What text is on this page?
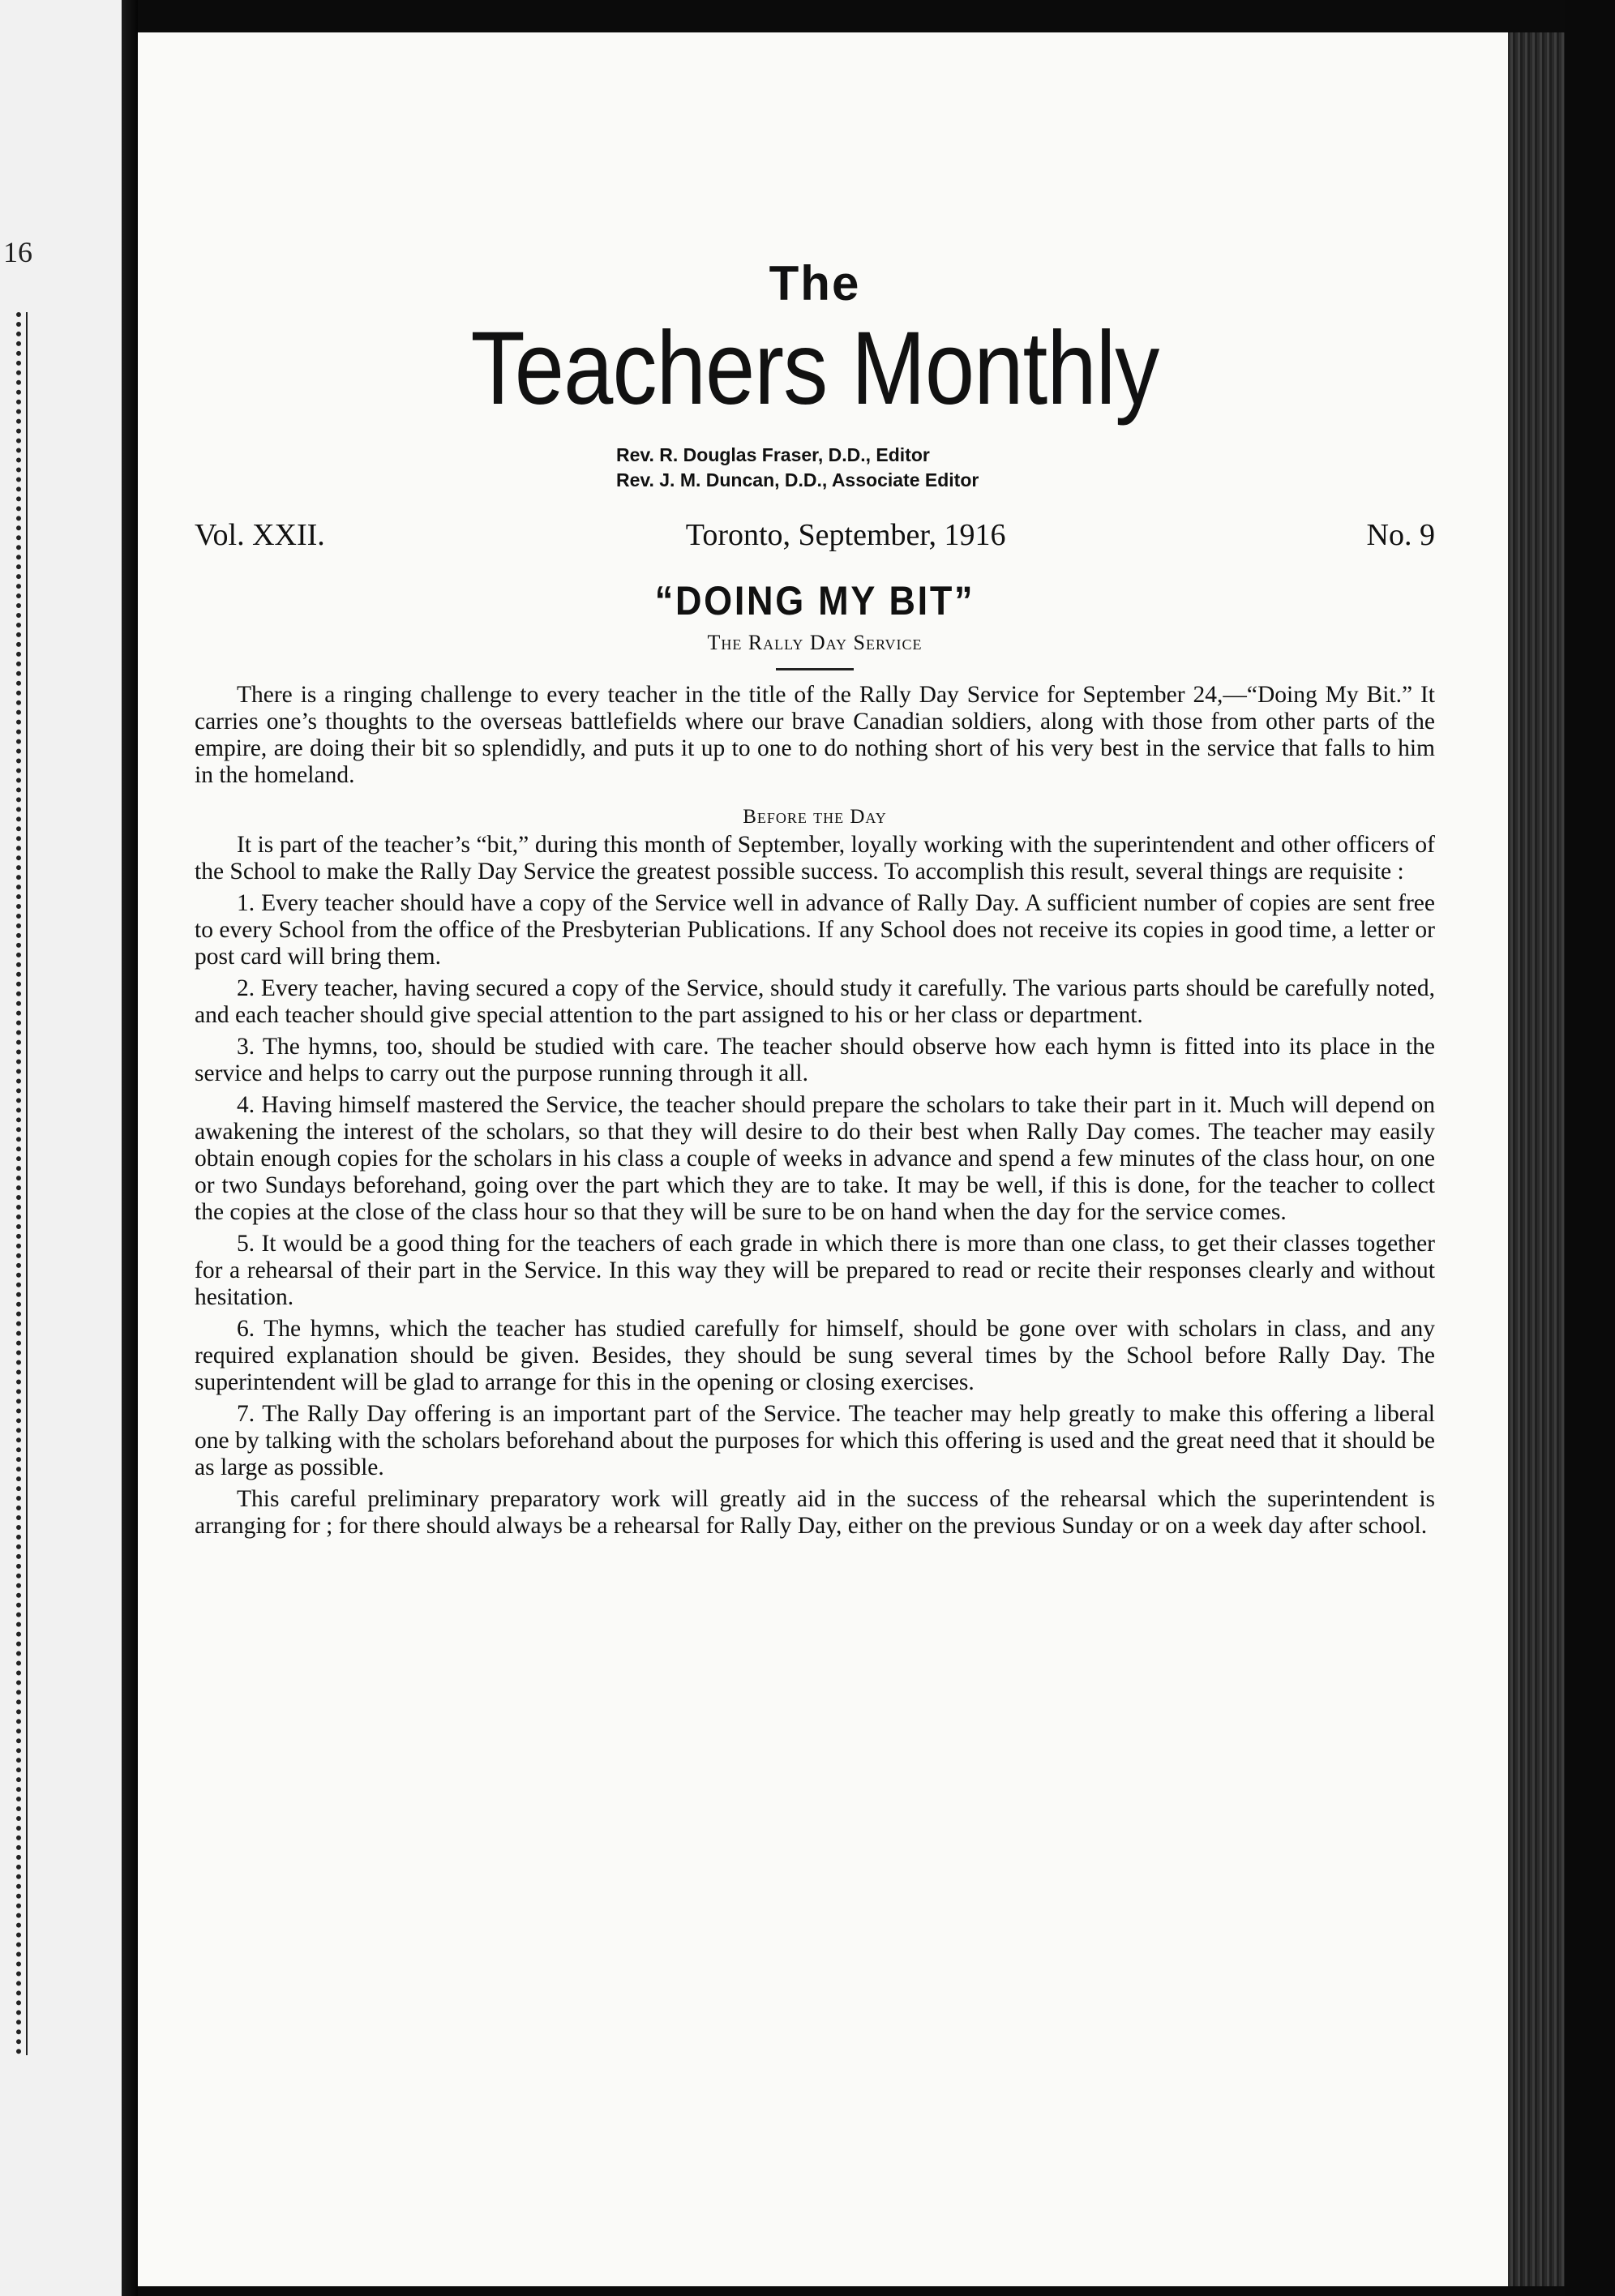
16
The
Teachers Monthly
Rev. R. Douglas Fraser, D.D., Editor
Rev. J. M. Duncan, D.D., Associate Editor
Vol. XXII.	Toronto, September, 1916	No. 9
“DOING MY BIT”
The Rally Day Service

There is a ringing challenge to every teacher in the title of the Rally Day Service for September 24,—“Doing My Bit.” It carries one’s thoughts to the overseas battlefields where our brave Canadian soldiers, along with those from other parts of the empire, are doing their bit so splendidly, and puts it up to one to do nothing short of his very best in the service that falls to him in the homeland.

Before the Day

It is part of the teacher’s “bit,” during this month of September, loyally working with the superintendent and other officers of the School to make the Rally Day Service the greatest possible success. To accomplish this result, several things are requisite :

1. Every teacher should have a copy of the Service well in advance of Rally Day. A sufficient number of copies are sent free to every School from the office of the Presbyterian Publications. If any School does not receive its copies in good time, a letter or post card will bring them.

2. Every teacher, having secured a copy of the Service, should study it carefully. The various parts should be carefully noted, and each teacher should give special attention to the part assigned to his or her class or department.

3. The hymns, too, should be studied with care. The teacher should observe how each hymn is fitted into its place in the service and helps to carry out the purpose running through it all.

4. Having himself mastered the Service, the teacher should prepare the scholars to take their part in it. Much will depend on awakening the interest of the scholars, so that they will desire to do their best when Rally Day comes. The teacher may easily obtain enough copies for the scholars in his class a couple of weeks in advance and spend a few minutes of the class hour, on one or two Sundays beforehand, going over the part which they are to take. It may be well, if this is done, for the teacher to collect the copies at the close of the class hour so that they will be sure to be on hand when the day for the service comes.

5. It would be a good thing for the teachers of each grade in which there is more than one class, to get their classes together for a rehearsal of their part in the Service. In this way they will be prepared to read or recite their responses clearly and without hesitation.

6. The hymns, which the teacher has studied carefully for himself, should be gone over with scholars in class, and any required explanation should be given. Besides, they should be sung several times by the School before Rally Day. The superintendent will be glad to arrange for this in the opening or closing exercises.

7. The Rally Day offering is an important part of the Service. The teacher may help greatly to make this offering a liberal one by talking with the scholars beforehand about the purposes for which this offering is used and the great need that it should be as large as possible.

This careful preliminary preparatory work will greatly aid in the success of the rehearsal which the superintendent is arranging for ; for there should always be a rehearsal for Rally Day, either on the previous Sunday or on a week day after school.
